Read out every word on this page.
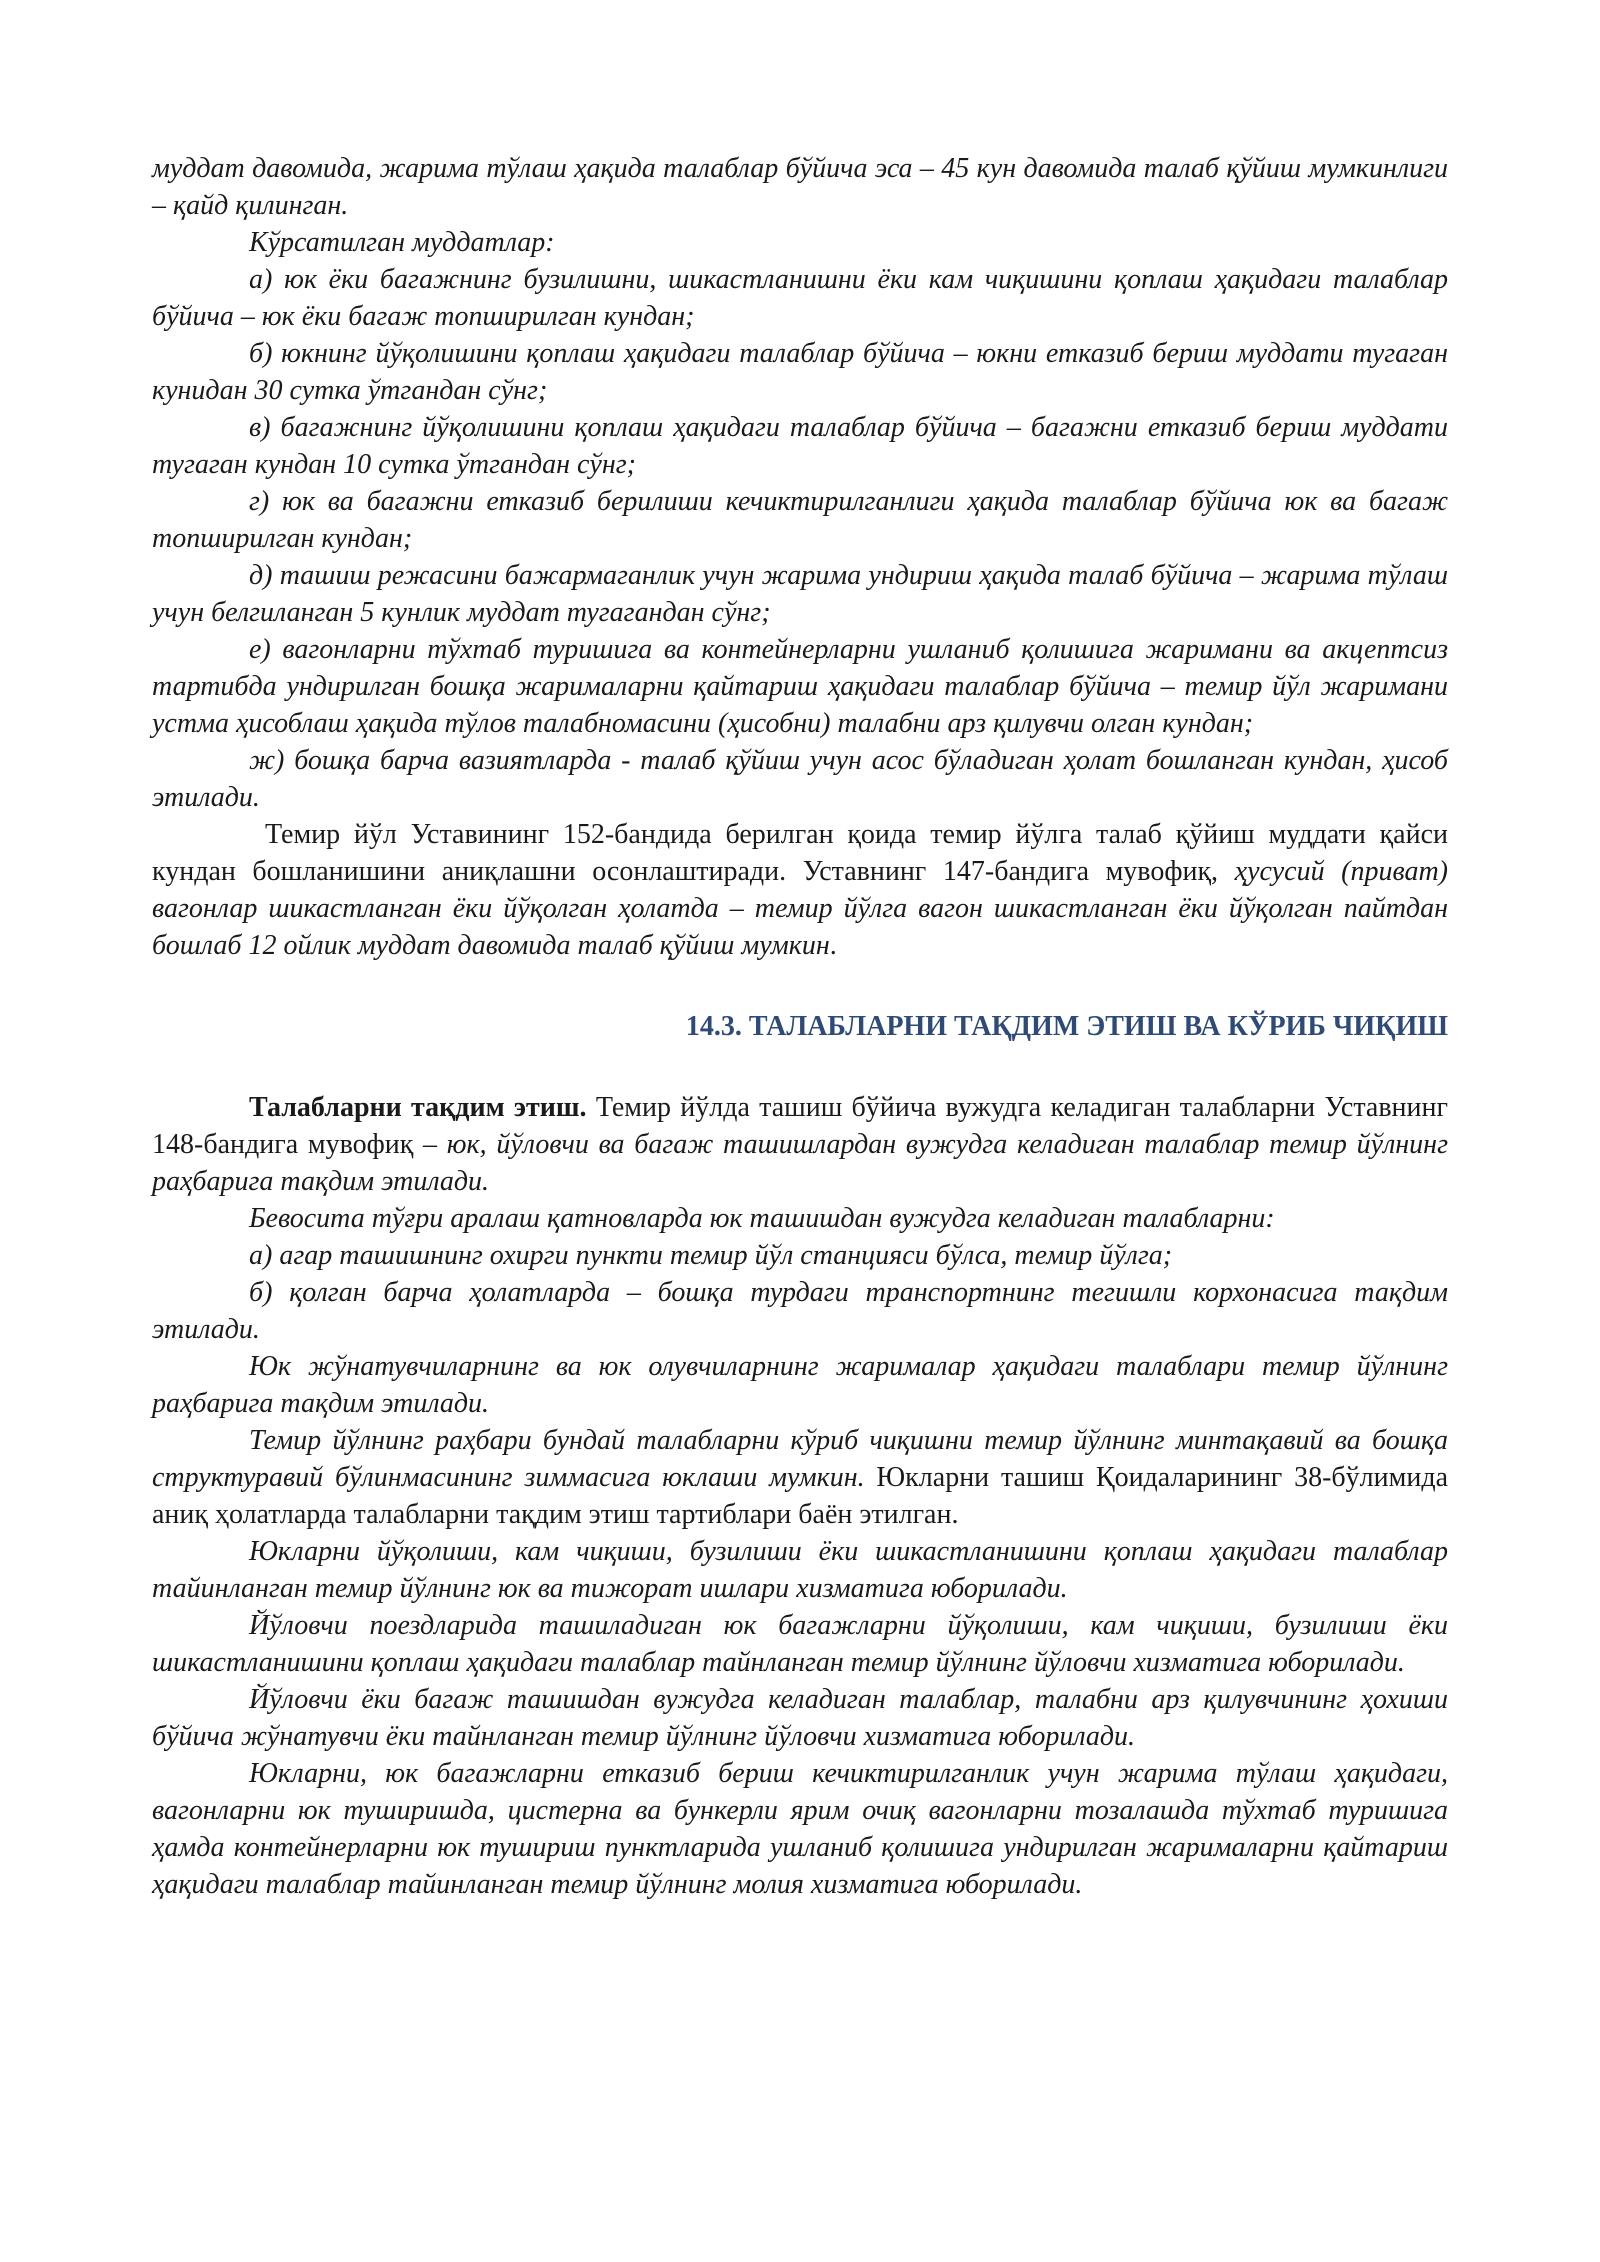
муддат давомида, жарима тўлаш ҳақида талаблар бўйича эса – 45 кун давомида талаб қўйиш мумкинлиги – қайд қилинган.

Кўрсатилган муддатлар:

а) юк ёки багажнинг бузилишни, шикастланишни ёки кам чиқишини қоплаш ҳақидаги талаблар бўйича – юк ёки багаж топширилган кундан;

б) юкнинг йўқолишини қоплаш ҳақидаги талаблар бўйича – юкни етказиб бериш муддати тугаган кунидан 30 сутка ўтгандан сўнг;

в) багажнинг йўқолишини қоплаш ҳақидаги талаблар бўйича – багажни етказиб бериш муддати тугаган кундан 10 сутка ўтгандан сўнг;

г) юк ва багажни етказиб берилиши кечиктирилганлиги ҳақида талаблар бўйича юк ва багаж топширилган кундан;

д) ташиш режасини бажармаганлик учун жарима ундириш ҳақида талаб бўйича – жарима тўлаш учун белгиланган 5 кунлик муддат тугагандан сўнг;

е) вагонларни тўхтаб туришига ва контейнерларни ушланиб қолишига жаримани ва акцептсиз тартибда ундирилган бошқа жарималарни қайтариш ҳақидаги талаблар бўйича – темир йўл жаримани устма ҳисоблаш ҳақида тўлов талабномасини (ҳисобни) талабни арз қилувчи олган кундан;

ж) бошқа барча вазиятларда - талаб қўйиш учун асос бўладиган ҳолат бошланган кундан, ҳисоб этилади.

Темир йўл Уставининг 152-бандида берилган қоида темир йўлга талаб қўйиш муддати қайси кундан бошланишини аниқлашни осонлаштиради. Уставнинг 147-бандига мувофиқ, ҳусусий (приват) вагонлар шикастланган ёки йўқолган ҳолатда – темир йўлга вагон шикастланган ёки йўқолган пайтдан бошлаб 12 ойлик муддат давомида талаб қўйиш мумкин.

14.3. ТАЛАБЛАРНИ ТАҚДИМ ЭТИШ ВА КЎРИБ ЧИҚИШ

Талабларни тақдим этиш. Темир йўлда ташиш бўйича вужудга келадиган талабларни Уставнинг 148-бандига мувофиқ – юк, йўловчи ва багаж ташишлардан вужудга келадиган талаблар темир йўлнинг раҳбарига тақдим этилади.

Бевосита тўғри аралаш қатновларда юк ташишдан вужудга келадиган талабларни:

а) агар ташишнинг охирги пункти темир йўл станцияси бўлса, темир йўлга;

б) қолган барча ҳолатларда – бошқа турдаги транспортнинг тегишли корхонасига тақдим этилади.

Юк жўнатувчиларнинг ва юк олувчиларнинг жарималар ҳақидаги талаблари темир йўлнинг раҳбарига тақдим этилади.

Темир йўлнинг раҳбари бундай талабларни кўриб чиқишни темир йўлнинг минтақавий ва бошқа структуравий бўлинмасининг зиммасига юклаши мумкин. Юкларни ташиш Қоидаларининг 38-бўлимида аниқ ҳолатларда талабларни тақдим этиш тартиблари баён этилган.

Юкларни йўқолиши, кам чиқиши, бузилиши ёки шикастланишини қоплаш ҳақидаги талаблар тайинланган темир йўлнинг юк ва тижорат ишлари хизматига юборилади.

Йўловчи поездларида ташиладиган юк багажларни йўқолиши, кам чиқиши, бузилиши ёки шикастланишини қоплаш ҳақидаги талаблар тайнланган темир йўлнинг йўловчи хизматига юборилади.

Йўловчи ёки багаж ташишдан вужудга келадиган талаблар, талабни арз қилувчининг ҳохиши бўйича жўнатувчи ёки тайнланган темир йўлнинг йўловчи хизматига юборилади.

Юкларни, юк багажларни етказиб бериш кечиктирилганлик учун жарима тўлаш ҳақидаги, вагонларни юк туширишда, цистерна ва бункерли ярим очиқ вагонларни тозалашда тўхтаб туришига ҳамда контейнерларни юк тушириш пунктларида ушланиб қолишига ундирилган жарималарни қайтариш ҳақидаги талаблар тайинланган темир йўлнинг молия хизматига юборилади.
